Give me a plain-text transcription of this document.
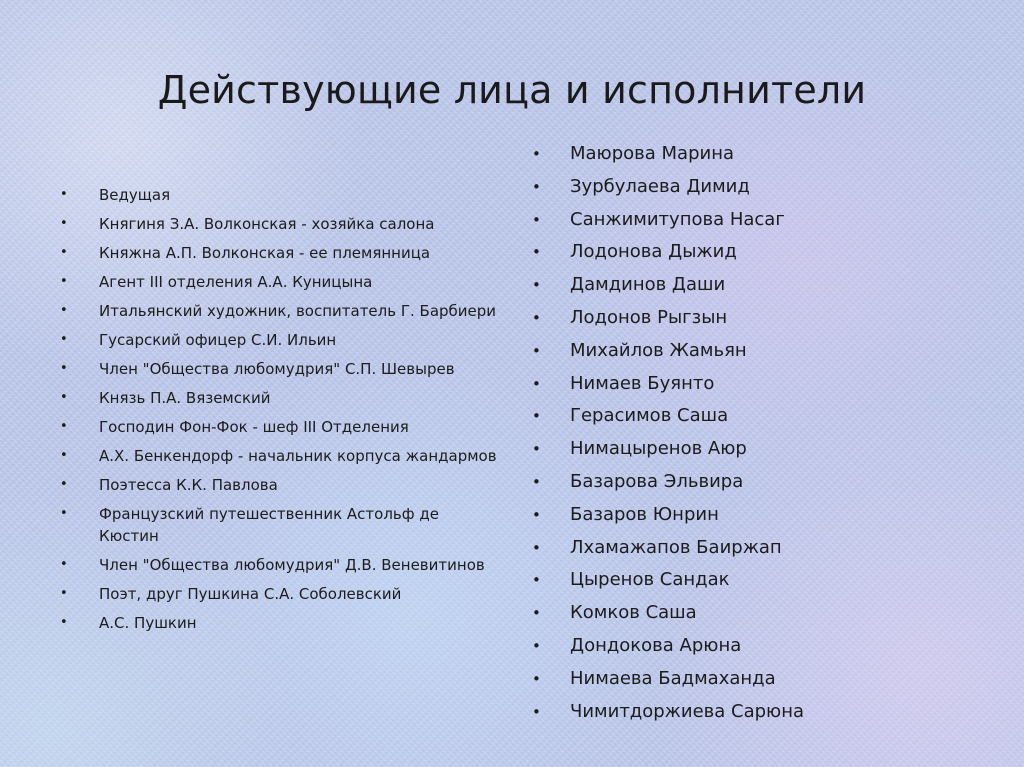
Действующие лица и исполнители
• Ведущая
• Княгиня З.А. Волконская - хозяйка салона
• Княжна А.П. Волконская - ее племянница
• Агент III отделения А.А. Куницына
• Итальянский художник, воспитатель Г. Барбиери
• Гусарский офицер С.И. Ильин
• Член "Общества любомудрия" С.П. Шевырев
• Князь П.А. Вяземский
• Господин Фон-Фок - шеф III Отделения
• А.Х. Бенкендорф - начальник корпуса жандармов
• Поэтесса К.К. Павлова
• Французский путешественник Астольф де Кюстин
• Член "Общества любомудрия" Д.В. Веневитинов
• Поэт, друг Пушкина С.А. Соболевский
• А.С. Пушкин
• Маюрова Марина
• Зурбулаева Димид
• Санжимитупова Насаг
• Лодонова Дыжид
• Дамдинов Даши
• Лодонов Рыгзын
• Михайлов Жамьян
• Нимаев Буянто
• Герасимов Саша
• Нимацыренов Аюр
• Базарова Эльвира
• Базаров Юнрин
• Лхамажапов Баиржап
• Цыренов Сандак
• Комков Саша
• Дондокова Арюна
• Нимаева Бадмаханда
• Чимитдоржиева Сарюна
